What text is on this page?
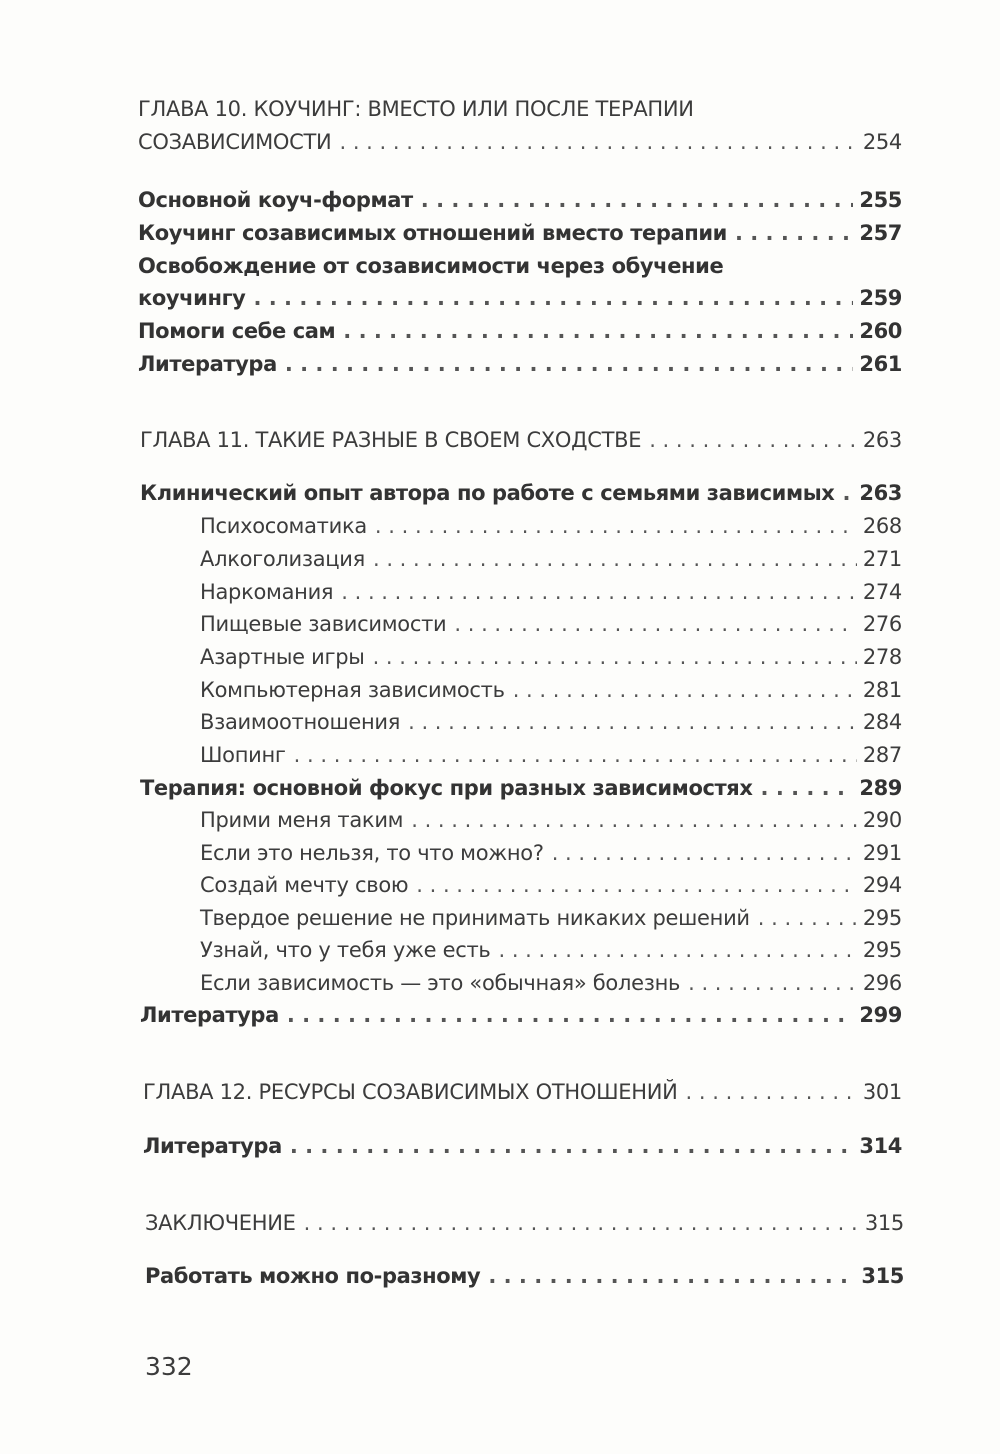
ГЛАВА 10. КОУЧИНГ: ВМЕСТО ИЛИ ПОСЛЕ ТЕРАПИИ
СОЗАВИСИМОСТИ . . .	254
Основной коуч-формат . . .	255
Коучинг созависимых отношений вместо терапии . . .	257
Освобождение от созависимости через обучение
коучингу . . .	259
Помоги себе сам . . .	260
Литература . . .	261
ГЛАВА 11. ТАКИЕ РАЗНЫЕ В СВОЕМ СХОДСТВЕ . . .	263
Клинический опыт автора по работе с семьями зависимых . . . 263
Психосоматика . . .	268
Алкоголизация . . .	271
Наркомания . . .	274
Пищевые зависимости . . .	276
Азартные игры . . .	278
Компьютерная зависимость . . .	281
Взаимоотношения . . .	284
Шопинг . . .	287
Терапия: основной фокус при разных зависимостях . . .	289
Прими меня таким . . .	290
Если это нельзя, то что можно? . . .	291
Создай мечту свою . . .	294
Твердое решение не принимать никаких решений . . .	295
Узнай, что у тебя уже есть . . .	295
Если зависимость — это «обычная» болезнь . . .	296
Литература . . .	299
ГЛАВА 12. РЕСУРСЫ СОЗАВИСИМЫХ ОТНОШЕНИЙ . . .	301
Литература . . .	314
ЗАКЛЮЧЕНИЕ . . .	315
Работать можно по-разному . . .	315
332
